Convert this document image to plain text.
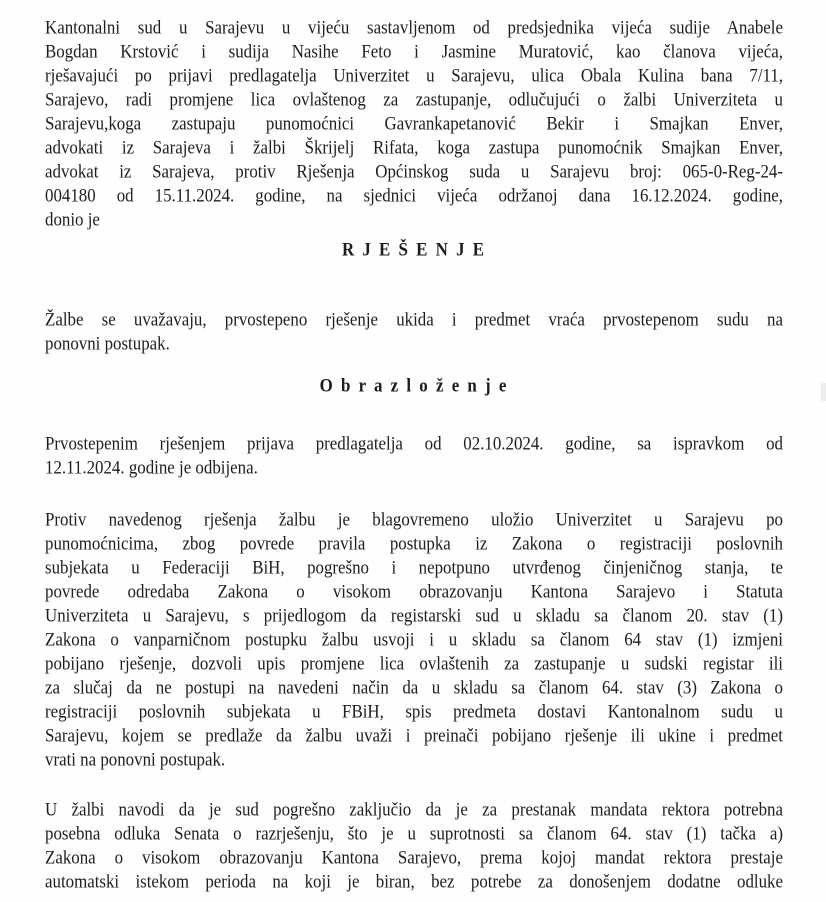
Kantonalni sud u Sarajevu u vijeću sastavljenom od predsjednika vijeća sudije Anabele
Bogdan Krstović i sudija Nasihe Feto i Jasmine Muratović, kao članova vijeća,
rješavajući po prijavi predlagatelja Univerzitet u Sarajevu, ulica Obala Kulina bana 7/11,
Sarajevo, radi promjene lica ovlaštenog za zastupanje, odlučujući o žalbi Univerziteta u
Sarajevu,koga zastupaju punomoćnici Gavrankapetanović Bekir i Smajkan Enver,
advokati iz Sarajeva i žalbi Škrijelj Rifata, koga zastupa punomoćnik Smajkan Enver,
advokat iz Sarajeva, protiv Rješenja Općinskog suda u Sarajevu broj: 065-0-Reg-24-
004180 od 15.11.2024. godine, na sjednici vijeća održanoj dana 16.12.2024. godine,
donio je
R J E Š E N J E
Žalbe se uvažavaju, prvostepeno rješenje ukida i predmet vraća prvostepenom sudu na
ponovni postupak.
O b r a z l o ž e n j e
Prvostepenim rješenjem prijava predlagatelja od 02.10.2024. godine, sa ispravkom od
12.11.2024. godine je odbijena.
Protiv navedenog rješenja žalbu je blagovremeno uložio Univerzitet u Sarajevu po
punomoćnicima, zbog povrede pravila postupka iz Zakona o registraciji poslovnih
subjekata u Federaciji BiH, pogrešno i nepotpuno utvrđenog činjeničnog stanja, te
povrede odredaba Zakona o visokom obrazovanju Kantona Sarajevo i Statuta
Univerziteta u Sarajevu, s prijedlogom da registarski sud u skladu sa članom 20. stav (1)
Zakona o vanparničnom postupku žalbu usvoji i u skladu sa članom 64 stav (1) izmjeni
pobijano rješenje, dozvoli upis promjene lica ovlaštenih za zastupanje u sudski registar ili
za slučaj da ne postupi na navedeni način da u skladu sa članom 64. stav (3) Zakona o
registraciji poslovnih subjekata u FBiH, spis predmeta dostavi Kantonalnom sudu u
Sarajevu, kojem se predlaže da žalbu uvaži i preinači pobijano rješenje ili ukine i predmet
vrati na ponovni postupak.
U žalbi navodi da je sud pogrešno zaključio da je za prestanak mandata rektora potrebna
posebna odluka Senata o razrješenju, što je u suprotnosti sa članom 64. stav (1) tačka a)
Zakona o visokom obrazovanju Kantona Sarajevo, prema kojoj mandat rektora prestaje
automatski istekom perioda na koji je biran, bez potrebe za donošenjem dodatne odluke
